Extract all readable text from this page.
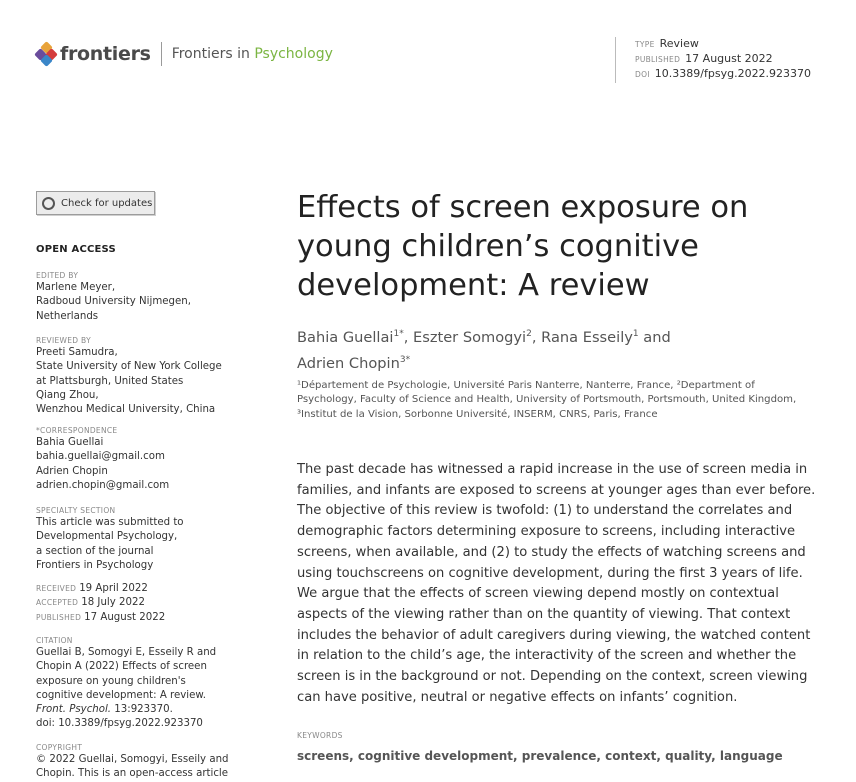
frontiers Frontiers in Psychology
TYPE Review
PUBLISHED 17 August 2022
DOI 10.3389/fpsyg.2022.923370
Check for updates
OPEN ACCESS
EDITED BY
Marlene Meyer,
Radboud University Nijmegen,
Netherlands
REVIEWED BY
Preeti Samudra,
State University of New York College
at Plattsburgh, United States
Qiang Zhou,
Wenzhou Medical University, China
*CORRESPONDENCE
Bahia Guellai
bahia.guellai@gmail.com
Adrien Chopin
adrien.chopin@gmail.com
SPECIALTY SECTION
This article was submitted to
Developmental Psychology,
a section of the journal
Frontiers in Psychology
RECEIVED 19 April 2022
ACCEPTED 18 July 2022
PUBLISHED 17 August 2022
CITATION
Guellai B, Somogyi E, Esseily R and
Chopin A (2022) Effects of screen
exposure on young children's
cognitive development: A review.
Front. Psychol. 13:923370.
doi: 10.3389/fpsyg.2022.923370
COPYRIGHT
© 2022 Guellai, Somogyi, Esseily and
Chopin. This is an open-access article
Effects of screen exposure on
young children’s cognitive
development: A review
Bahia Guellai$^{1*}$, Eszter Somogyi$^2$, Rana Esseily$^1$ and
Adrien Chopin$^{3*}$
¹Département de Psychologie, Université Paris Nanterre, Nanterre, France, ²Department of
Psychology, Faculty of Science and Health, University of Portsmouth, Portsmouth, United Kingdom,
³Institut de la Vision, Sorbonne Université, INSERM, CNRS, Paris, France
The past decade has witnessed a rapid increase in the use of screen media in
families, and infants are exposed to screens at younger ages than ever before.
The objective of this review is twofold: (1) to understand the correlates and
demographic factors determining exposure to screens, including interactive
screens, when available, and (2) to study the effects of watching screens and
using touchscreens on cognitive development, during the first 3 years of life.
We argue that the effects of screen viewing depend mostly on contextual
aspects of the viewing rather than on the quantity of viewing. That context
includes the behavior of adult caregivers during viewing, the watched content
in relation to the child’s age, the interactivity of the screen and whether the
screen is in the background or not. Depending on the context, screen viewing
can have positive, neutral or negative effects on infants’ cognition.
KEYWORDS
screens, cognitive development, prevalence, context, quality, language
